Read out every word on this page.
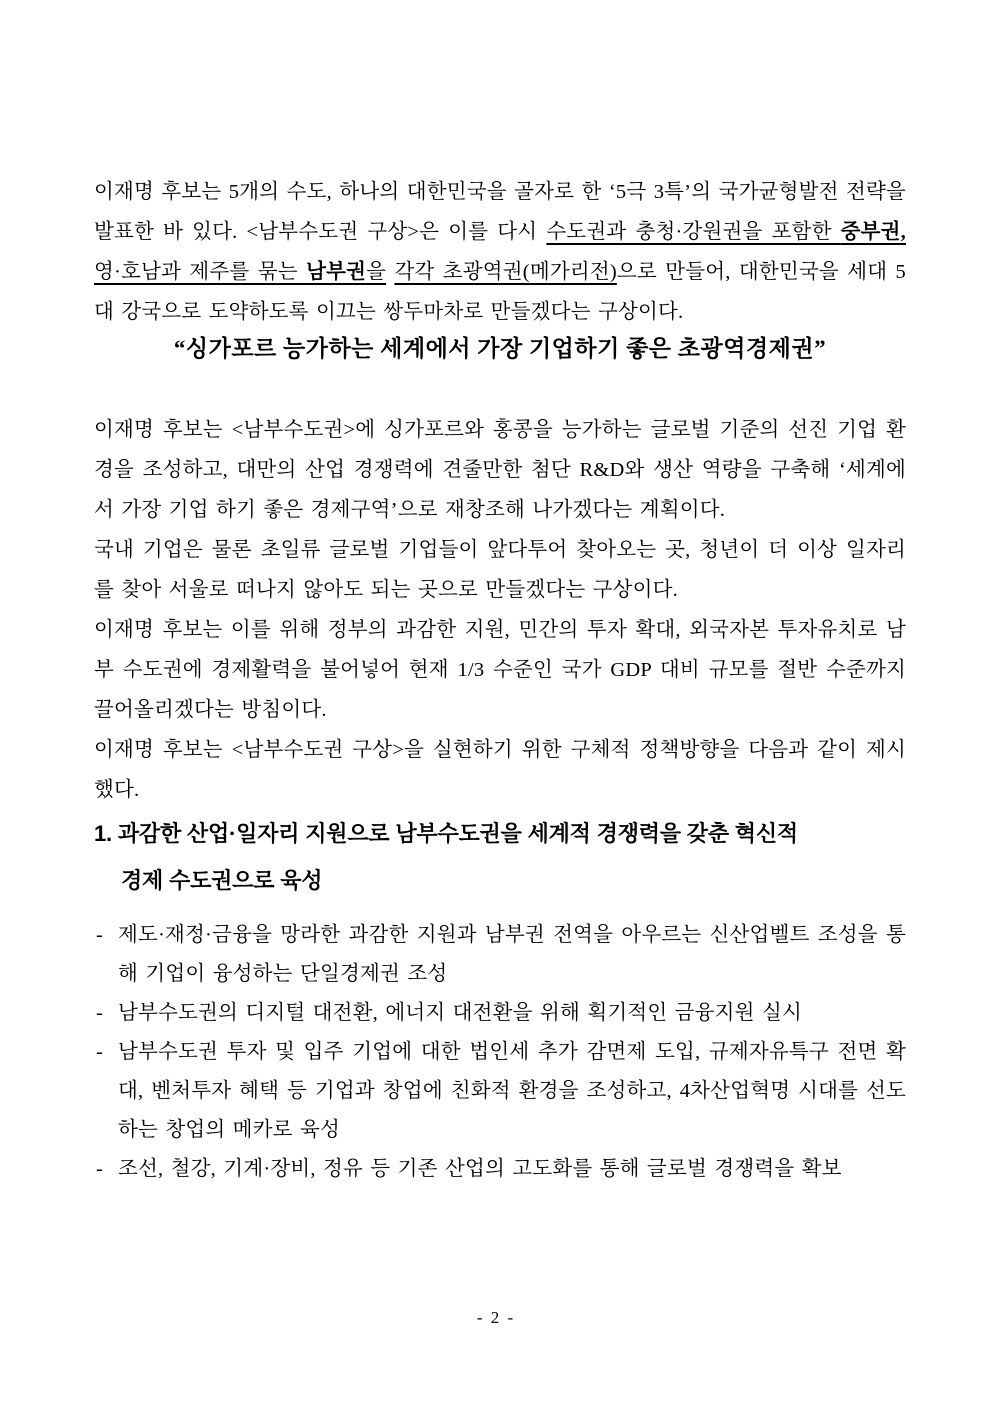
이재명 후보는 5개의 수도, 하나의 대한민국을 골자로 한 ‘5극 3특’의 국가균형발전 전략을 발표한 바 있다. <남부수도권 구상>은 이를 다시 수도권과 충청·강원권을 포함한 중부권, 영·호남과 제주를 묶는 남부권을 각각 초광역권(메가리전)으로 만들어, 대한민국을 세대 5대 강국으로 도약하도록 이끄는 쌍두마차로 만들겠다는 구상이다.

“싱가포르 능가하는 세계에서 가장 기업하기 좋은 초광역경제권”

이재명 후보는 <남부수도권>에 싱가포르와 홍콩을 능가하는 글로벌 기준의 선진 기업 환경을 조성하고, 대만의 산업 경쟁력에 견줄만한 첨단 R&D와 생산 역량을 구축해 ‘세계에서 가장 기업 하기 좋은 경제구역’으로 재창조해 나가겠다는 계획이다.

국내 기업은 물론 초일류 글로벌 기업들이 앞다투어 찾아오는 곳, 청년이 더 이상 일자리를 찾아 서울로 떠나지 않아도 되는 곳으로 만들겠다는 구상이다.

이재명 후보는 이를 위해 정부의 과감한 지원, 민간의 투자 확대, 외국자본 투자유치로 남부 수도권에 경제활력을 불어넣어 현재 1/3 수준인 국가 GDP 대비 규모를 절반 수준까지 끌어올리겠다는 방침이다.

이재명 후보는 <남부수도권 구상>을 실현하기 위한 구체적 정책방향을 다음과 같이 제시했다.

1. 과감한 산업·일자리 지원으로 남부수도권을 세계적 경쟁력을 갖춘 혁신적
경제 수도권으로 육성
- 제도·재정·금융을 망라한 과감한 지원과 남부권 전역을 아우르는 신산업벨트 조성을 통해 기업이 융성하는 단일경제권 조성
- 남부수도권의 디지털 대전환, 에너지 대전환을 위해 획기적인 금융지원 실시
- 남부수도권 투자 및 입주 기업에 대한 법인세 추가 감면제 도입, 규제자유특구 전면 확대, 벤처투자 혜택 등 기업과 창업에 친화적 환경을 조성하고, 4차산업혁명 시대를 선도하는 창업의 메카로 육성
- 조선, 철강, 기계·장비, 정유 등 기존 산업의 고도화를 통해 글로벌 경쟁력을 확보
- 2 -
